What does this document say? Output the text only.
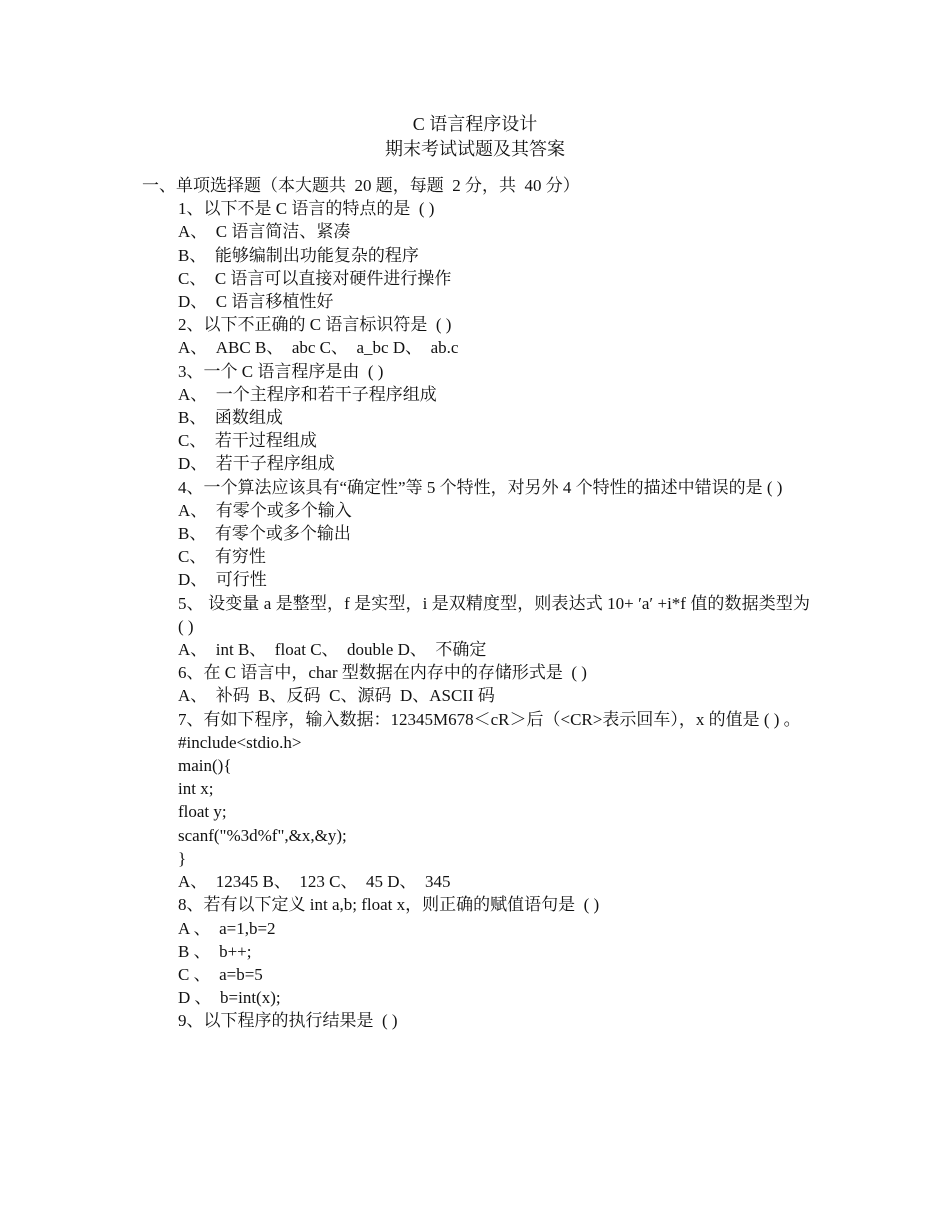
C 语言程序设计
期末考试试题及其答案
一、单项选择题（本大题共  20 题，每题  2 分，共  40 分）
1、以下不是 C 语言的特点的是  ( )
A、  C 语言简洁、紧凑
B、  能够编制出功能复杂的程序
C、  C 语言可以直接对硬件进行操作
D、  C 语言移植性好
2、以下不正确的 C 语言标识符是  ( )
A、  ABC B、  abc C、  a_bc D、  ab.c
3、一个 C 语言程序是由  ( )
A、  一个主程序和若干子程序组成
B、  函数组成
C、  若干过程组成
D、  若干子程序组成
4、一个算法应该具有“确定性”等 5 个特性，对另外 4 个特性的描述中错误的是 ( )
A、  有零个或多个输入
B、  有零个或多个输出
C、  有穷性
D、  可行性
5、 设变量 a 是整型，f 是实型，i 是双精度型，则表达式 10+ ′a′ +i*f 值的数据类型为 ( )
A、  int B、  float C、  double D、  不确定
6、在 C 语言中，char 型数据在内存中的存储形式是  ( )
A、  补码  B、反码  C、源码  D、ASCII 码
7、有如下程序，输入数据：12345M678＜cR＞后（<CR>表示回车），x 的值是 ( ) 。
#include<stdio.h>
main(){
int x;
float y;
scanf("%3d%f",&x,&y);
}
A、  12345 B、  123 C、  45 D、  345
8、若有以下定义 int a,b; float x，则正确的赋值语句是  ( )
A 、  a=1,b=2
B 、  b++;
C 、  a=b=5
D 、  b=int(x);
9、以下程序的执行结果是  ( )
